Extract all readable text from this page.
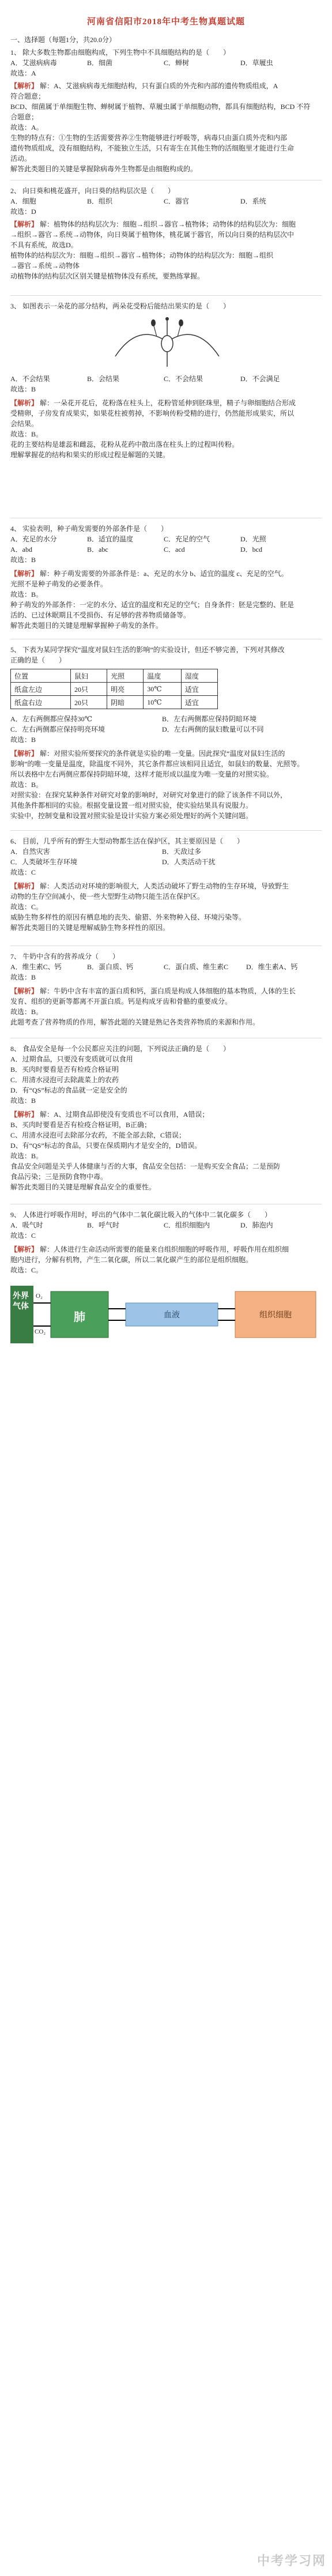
河南省信阳市2018年中考生物真题试题
一、选择题（每题1分，共20.0分）
1、 除大多数生物都由细胞构成，下列生物中不具细胞结构的是（　　）
A．艾滋病病毒	B．细菌	C．蝉树	D．草履虫
故选：A
【解析】 解：A、艾滋病病毒无细胞结构，只有蛋白质的外壳和内部的遗传物质组成，A
符合题意；
BCD、细菌属于单细胞生物、蝉树属于植物、草履虫属于单细胞动物，都具有细胞结构，BCD 不符
合题意；
故选：A。
生物的特点有：①生物的生活需要营养②生物能够进行呼吸等，病毒只由蛋白质外壳和内部
遗传物质组成，没有细胞结构，不能独立生活，只有寄生在其他生物的活细胞里才能进行生命
活动。
解答此类题目的关键是掌握除病毒外生物都是由细胞构成的。
2、 向日葵和桃花盛开，向日葵的结构层次是（　　）
A．细胞	B．组织	C．器官	D．系统
故选：D
【解析】 解：植物体的结构层次为：细胞→组织→器官→植物体；动物体的结构层次为：细胞
→组织→器官→系统→动物体，向日葵属于植物体，桃花属于器官，所以向日葵的结构层次中
不具有系统，故选D。
植物体的结构层次为：细胞→组织→器官→植物体；动物体的结构层次为：细胞→组织
→器官→系统→动物体
动植物体的结构层次区别关键是植物体没有系统，要熟练掌握。
3、 如图表示一朵花的部分结构，两朵花受粉后能结出果实的是（　　）
A．不会结果	B．会结果	C．不会结果	D．不会满足
故选：B
【解析】 解：一朵花开花后，花粉落在柱头上，花粉管延伸到胚珠里，精子与卵细胞结合形成
受精卵，子房发育成果实，如果花柱被剪掉，不影响传粉受精的进行，仍然能形成果实，所以
会结果。
故选：B。
花的主要结构是雄蕊和雌蕊，花粉从花药中散出落在柱头上的过程叫传粉。
理解掌握花的结构和果实的形成过程是解题的关键。
4、 实验表明，种子萌发需要的外部条件是（　　）
A．充足的水分	B．适宜的温度	C．充足的空气	D．光照
A．abd	B．abc	C．acd	D．bcd
故选：B
【解析】 解：种子萌发需要的外部条件是：a、充足的水分 b、适宜的温度 c、充足的空气。
光照不是种子萌发的必要条件。
故选：B。
种子萌发的外部条件：一定的水分、适宜的温度和充足的空气；自身条件：胚是完整的、胚是
活的、已过休眠期且不受损伤、有足够的营养物质储备等。
解答此类题目的关键是理解掌握种子萌发的条件。
5、 下表为某同学探究“温度对鼠妇生活的影响”的实验设计，但还不够完善，下列对其修改
正确的是（　　）
位置	鼠妇	光照	温度	湿度
纸盒左边	20只	明亮	30℃	适宜
纸盒右边	20只	阴暗	10℃	适宜
A．左右两侧都应保持30℃	B．左右两侧都应保持阴暗环境
C．左右两侧都应保持明亮环境	D．左右两侧的鼠妇数量可以不同
故选：B
【解析】 解：对照实验所要探究的条件就是实验的唯一变量。因此探究“温度对鼠妇生活的
影响”的唯一变量是温度，除温度不同外，其它条件都应该相同且适宜，如鼠妇的数量、光照等。
所以表格中左右两侧应都保持阴暗环境，这样才能形成以温度为唯一变量的对照实验。
故选：B。
对照实验：在探究某种条件对研究对象的影响时，对研究对象进行的除了该条件不同以外，
其他条件都相同的实验。根据变量设置一组对照实验，使实验结果具有说服力。
实验中，控制变量和设置对照实验是设计实验方案必须处理好的两个关键问题。
6、 目前，几乎所有的野生大型动物都生活在保护区，其主要原因是（　　）
A．自然灾害	B．天敌过多
C．人类破坏生存环境	D．人类活动干扰
故选：C
【解析】 解：人类活动对环境的影响很大，人类活动破坏了野生动物的生存环境，导致野生
动物的生存空间减小，使一些大型野生动物只能生活在保护区。
故选：C。
威胁生物多样性的原因有栖息地的丧失、偷猎、外来物种入侵、环境污染等。
解答此类题目的关键是理解威胁生物多样性的原因。
7、 牛奶中含有的营养成分（　　）
A．维生素C、钙	B．蛋白质、钙	C．蛋白质、维生素C	D．维生素A、钙
故选：B
【解析】 解：牛奶中含有丰富的蛋白质和钙，蛋白质是构成人体细胞的基本物质，人体的生长
发育、组织的更新等都离不开蛋白质。钙是构成牙齿和骨骼的重要成分。
故选：B。
此题考查了营养物质的作用，解答此题的关键是熟记各类营养物质的来源和作用。
8、 食品安全是每一个公民都应关注的问题，下列说法正确的是（　　）
A．过期食品，只要没有变质就可以食用
B．买肉时要看是否有检疫合格证明
C．用清水浸泡可去除蔬菜上的农药
D．有“QS”标志的食品就一定是安全的
故选：B
【解析】 解：A、过期食品即使没有变质也不可以食用，A错误；
B、买肉时要看是否有检疫合格证明，B正确；
C、用清水浸泡可去除部分农药，不能全部去除，C错误；
D、有“QS”标志的食品，只要在保质期内才是安全的，D错误。
故选：B。
食品安全问题是关乎人体健康与否的大事，食品安全包括：一是购买安全食品；二是预防
食品污染；三是预防食物中毒。
解答此类题目的关键是理解食品安全的重要性。
9、 人体进行呼吸作用时，呼出的气体中二氧化碳比吸入的气体中二氧化碳多（　　）
A．吸气时	B．呼气时	C．组织细胞内	D．肺泡内
故选：C
【解析】 解：人体进行生命活动所需要的能量来自组织细胞的呼吸作用，呼吸作用在组织细
胞内进行，分解有机物，产生二氧化碳，所以二氧化碳产生的部位是组织细胞。
故选：C。
外界气体
肺	血液	组织细胞
O₂
CO₂
中考学习网
